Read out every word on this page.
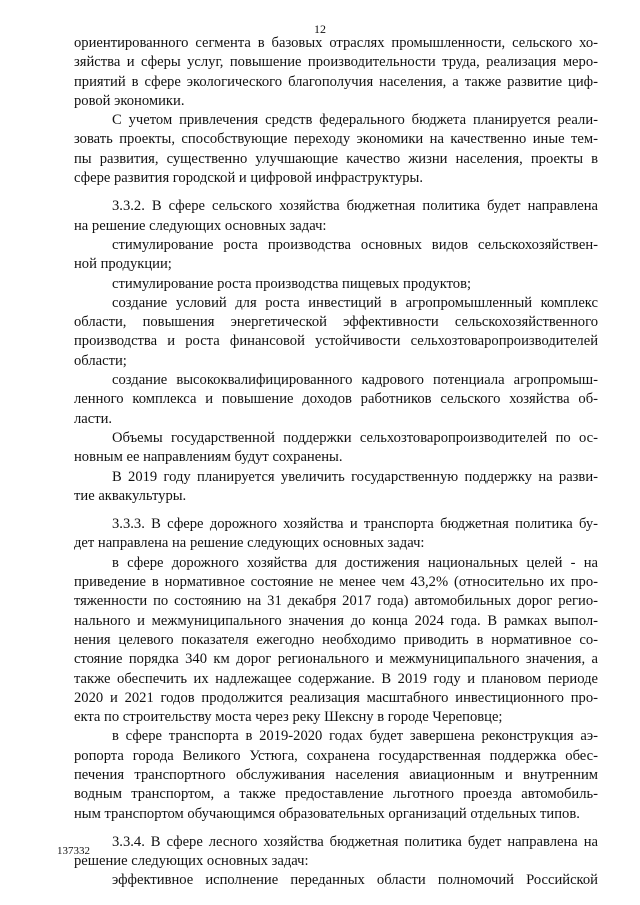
12
ориентированного сегмента в базовых отраслях промышленности, сельского хо-
зяйства и сферы услуг, повышение производительности труда, реализация меро-
приятий в сфере экологического благополучия населения, а также развитие циф-
ровой экономики.
С учетом привлечения средств федерального бюджета планируется реали-
зовать проекты, способствующие переходу экономики на качественно иные тем-
пы развития, существенно улучшающие качество жизни населения, проекты в
сфере развития городской и цифровой инфраструктуры.
3.3.2. В сфере сельского хозяйства бюджетная политика будет направлена
на решение следующих основных задач:
стимулирование роста производства основных видов сельскохозяйствен-
ной продукции;
стимулирование роста производства пищевых продуктов;
создание условий для роста инвестиций в агропромышленный комплекс
области, повышения энергетической эффективности сельскохозяйственного
производства и роста финансовой устойчивости сельхозтоваропроизводителей
области;
создание высококвалифицированного кадрового потенциала агропромыш-
ленного комплекса и повышение доходов работников сельского хозяйства об-
ласти.
Объемы государственной поддержки сельхозтоваропроизводителей по ос-
новным ее направлениям будут сохранены.
В 2019 году планируется увеличить государственную поддержку на разви-
тие аквакультуры.
3.3.3. В сфере дорожного хозяйства и транспорта бюджетная политика бу-
дет направлена на решение следующих основных задач:
в сфере дорожного хозяйства для достижения национальных целей - на
приведение в нормативное состояние не менее чем 43,2% (относительно их про-
тяженности по состоянию на 31 декабря 2017 года) автомобильных дорог регио-
нального и межмуниципального значения до конца 2024 года. В рамках выпол-
нения целевого показателя ежегодно необходимо приводить в нормативное со-
стояние порядка 340 км дорог регионального и межмуниципального значения, а
также обеспечить их надлежащее содержание. В 2019 году и плановом периоде
2020 и 2021 годов продолжится реализация масштабного инвестиционного про-
екта по строительству моста через реку Шексну в городе Череповце;
в сфере транспорта в 2019-2020 годах будет завершена реконструкция аэ-
ропорта города Великого Устюга, сохранена государственная поддержка обес-
печения транспортного обслуживания населения авиационным и внутренним
водным транспортом, а также предоставление льготного проезда автомобиль-
ным транспортом обучающимся образовательных организаций отдельных типов.
3.3.4. В сфере лесного хозяйства бюджетная политика будет направлена на
решение следующих основных задач:
эффективное исполнение переданных области полномочий Российской
137332
